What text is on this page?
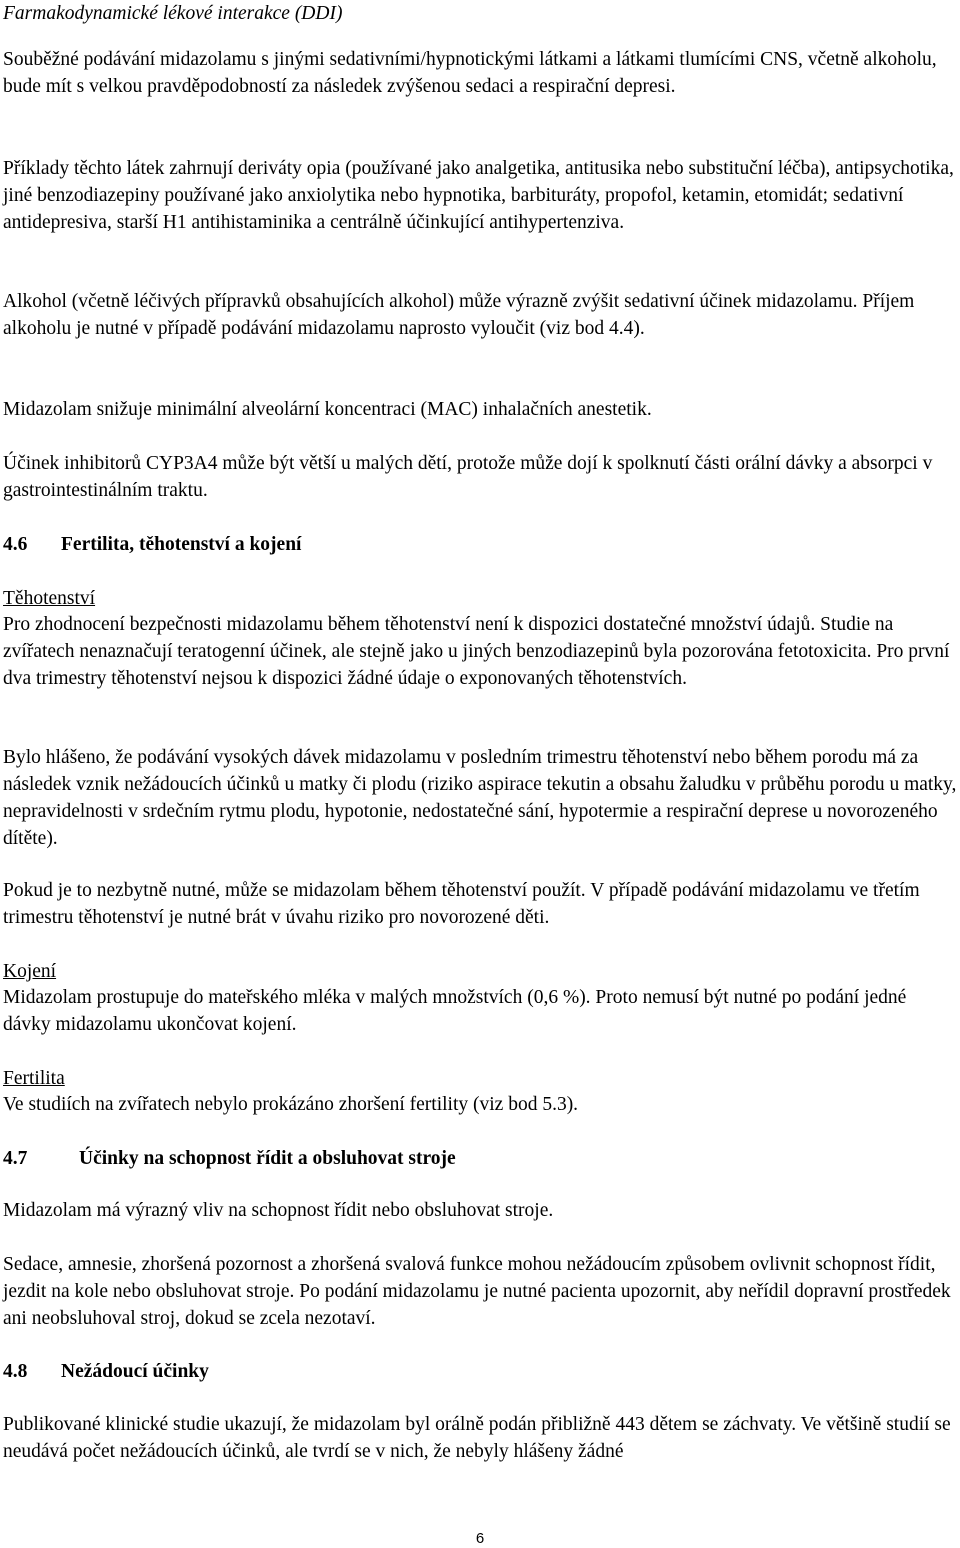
Farmakodynamické lékové interakce (DDI)

Souběžné podávání midazolamu s jinými sedativními/hypnotickými látkami a látkami tlumícími CNS, včetně alkoholu, bude mít s velkou pravděpodobností za následek zvýšenou sedaci a respirační depresi.

Příklady těchto látek zahrnují deriváty opia (používané jako analgetika, antitusika nebo substituční léčba), antipsychotika, jiné benzodiazepiny používané jako anxiolytika nebo hypnotika, barbituráty, propofol, ketamin, etomidát; sedativní antidepresiva, starší H1 antihistaminika a centrálně účinkující antihypertenziva.

Alkohol (včetně léčivých přípravků obsahujících alkohol) může výrazně zvýšit sedativní účinek midazolamu. Příjem alkoholu je nutné v případě podávání midazolamu naprosto vyloučit (viz bod 4.4).

Midazolam snižuje minimální alveolární koncentraci (MAC) inhalačních anestetik.

Účinek inhibitorů CYP3A4 může být větší u malých dětí, protože může dojí k spolknutí části orální dávky a absorpci v gastrointestinálním traktu.

4.6 Fertilita, těhotenství a kojení

Těhotenství

Pro zhodnocení bezpečnosti midazolamu během těhotenství není k dispozici dostatečné množství údajů. Studie na zvířatech nenaznačují teratogenní účinek, ale stejně jako u jiných benzodiazepinů byla pozorována fetotoxicita. Pro první dva trimestry těhotenství nejsou k dispozici žádné údaje o exponovaných těhotenstvích.

Bylo hlášeno, že podávání vysokých dávek midazolamu v posledním trimestru těhotenství nebo během porodu má za následek vznik nežádoucích účinků u matky či plodu (riziko aspirace tekutin a obsahu žaludku v průběhu porodu u matky, nepravidelnosti v srdečním rytmu plodu, hypotonie, nedostatečné sání, hypotermie a respirační deprese u novorozeného dítěte).

Pokud je to nezbytně nutné, může se midazolam během těhotenství použít. V případě podávání midazolamu ve třetím trimestru těhotenství je nutné brát v úvahu riziko pro novorozené děti.

Kojení

Midazolam prostupuje do mateřského mléka v malých množstvích (0,6 %). Proto nemusí být nutné po podání jedné dávky midazolamu ukončovat kojení.

Fertilita

Ve studiích na zvířatech nebylo prokázáno zhoršení fertility (viz bod 5.3).

4.7	Účinky na schopnost řídit a obsluhovat stroje

Midazolam má výrazný vliv na schopnost řídit nebo obsluhovat stroje.

Sedace, amnesie, zhoršená pozornost a zhoršená svalová funkce mohou nežádoucím způsobem ovlivnit schopnost řídit, jezdit na kole nebo obsluhovat stroje. Po podání midazolamu je nutné pacienta upozornit, aby neřídil dopravní prostředek ani neobsluhoval stroj, dokud se zcela nezotaví.

4.8 Nežádoucí účinky

Publikované klinické studie ukazují, že midazolam byl orálně podán přibližně 443 dětem se záchvaty. Ve většině studií se neudává počet nežádoucích účinků, ale tvrdí se v nich, že nebyly hlášeny žádné

6
